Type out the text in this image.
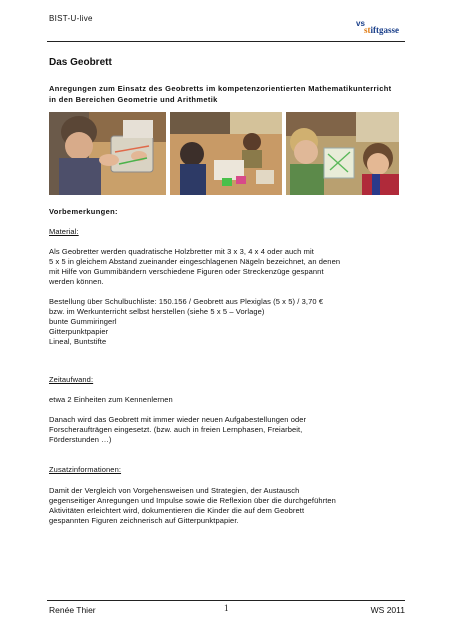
BIST-U-live
vs
stiftgasse
Das Geobrett
Anregungen zum Einsatz des Geobretts im kompetenzorientierten Mathematikunterricht in den Bereichen Geometrie und Arithmetik
Vorbemerkungen:
Material:
Als Geobretter werden quadratische Holzbretter mit 3 x 3, 4 x 4 oder auch mit
5 x 5 in gleichem Abstand zueinander eingeschlagenen Nägeln bezeichnet, an denen
mit Hilfe von Gummibändern verschiedene Figuren oder Streckenzüge gespannt
werden können.
Bestellung über Schulbuchliste: 150.156 / Geobrett aus Plexiglas (5 x 5) / 3,70 €
bzw. im Werkunterricht selbst herstellen (siehe 5 x 5 – Vorlage)
bunte Gummiringerl
Gitterpunktpapier
Lineal, Buntstifte
Zeitaufwand:
etwa 2 Einheiten zum Kennenlernen
Danach wird das Geobrett mit immer wieder neuen Aufgabestellungen oder
Forscheraufträgen eingesetzt. (bzw. auch in freien Lernphasen, Freiarbeit,
Förderstunden …)
Zusatzinformationen:
Damit der Vergleich von Vorgehensweisen und Strategien, der Austausch
gegenseitiger Anregungen und Impulse sowie die Reflexion über die durchgeführten
Aktivitäten erleichtert wird, dokumentieren die Kinder die auf dem Geobrett
gespannten Figuren zeichnerisch auf Gitterpunktpapier.
Renée Thier	1	WS 2011
